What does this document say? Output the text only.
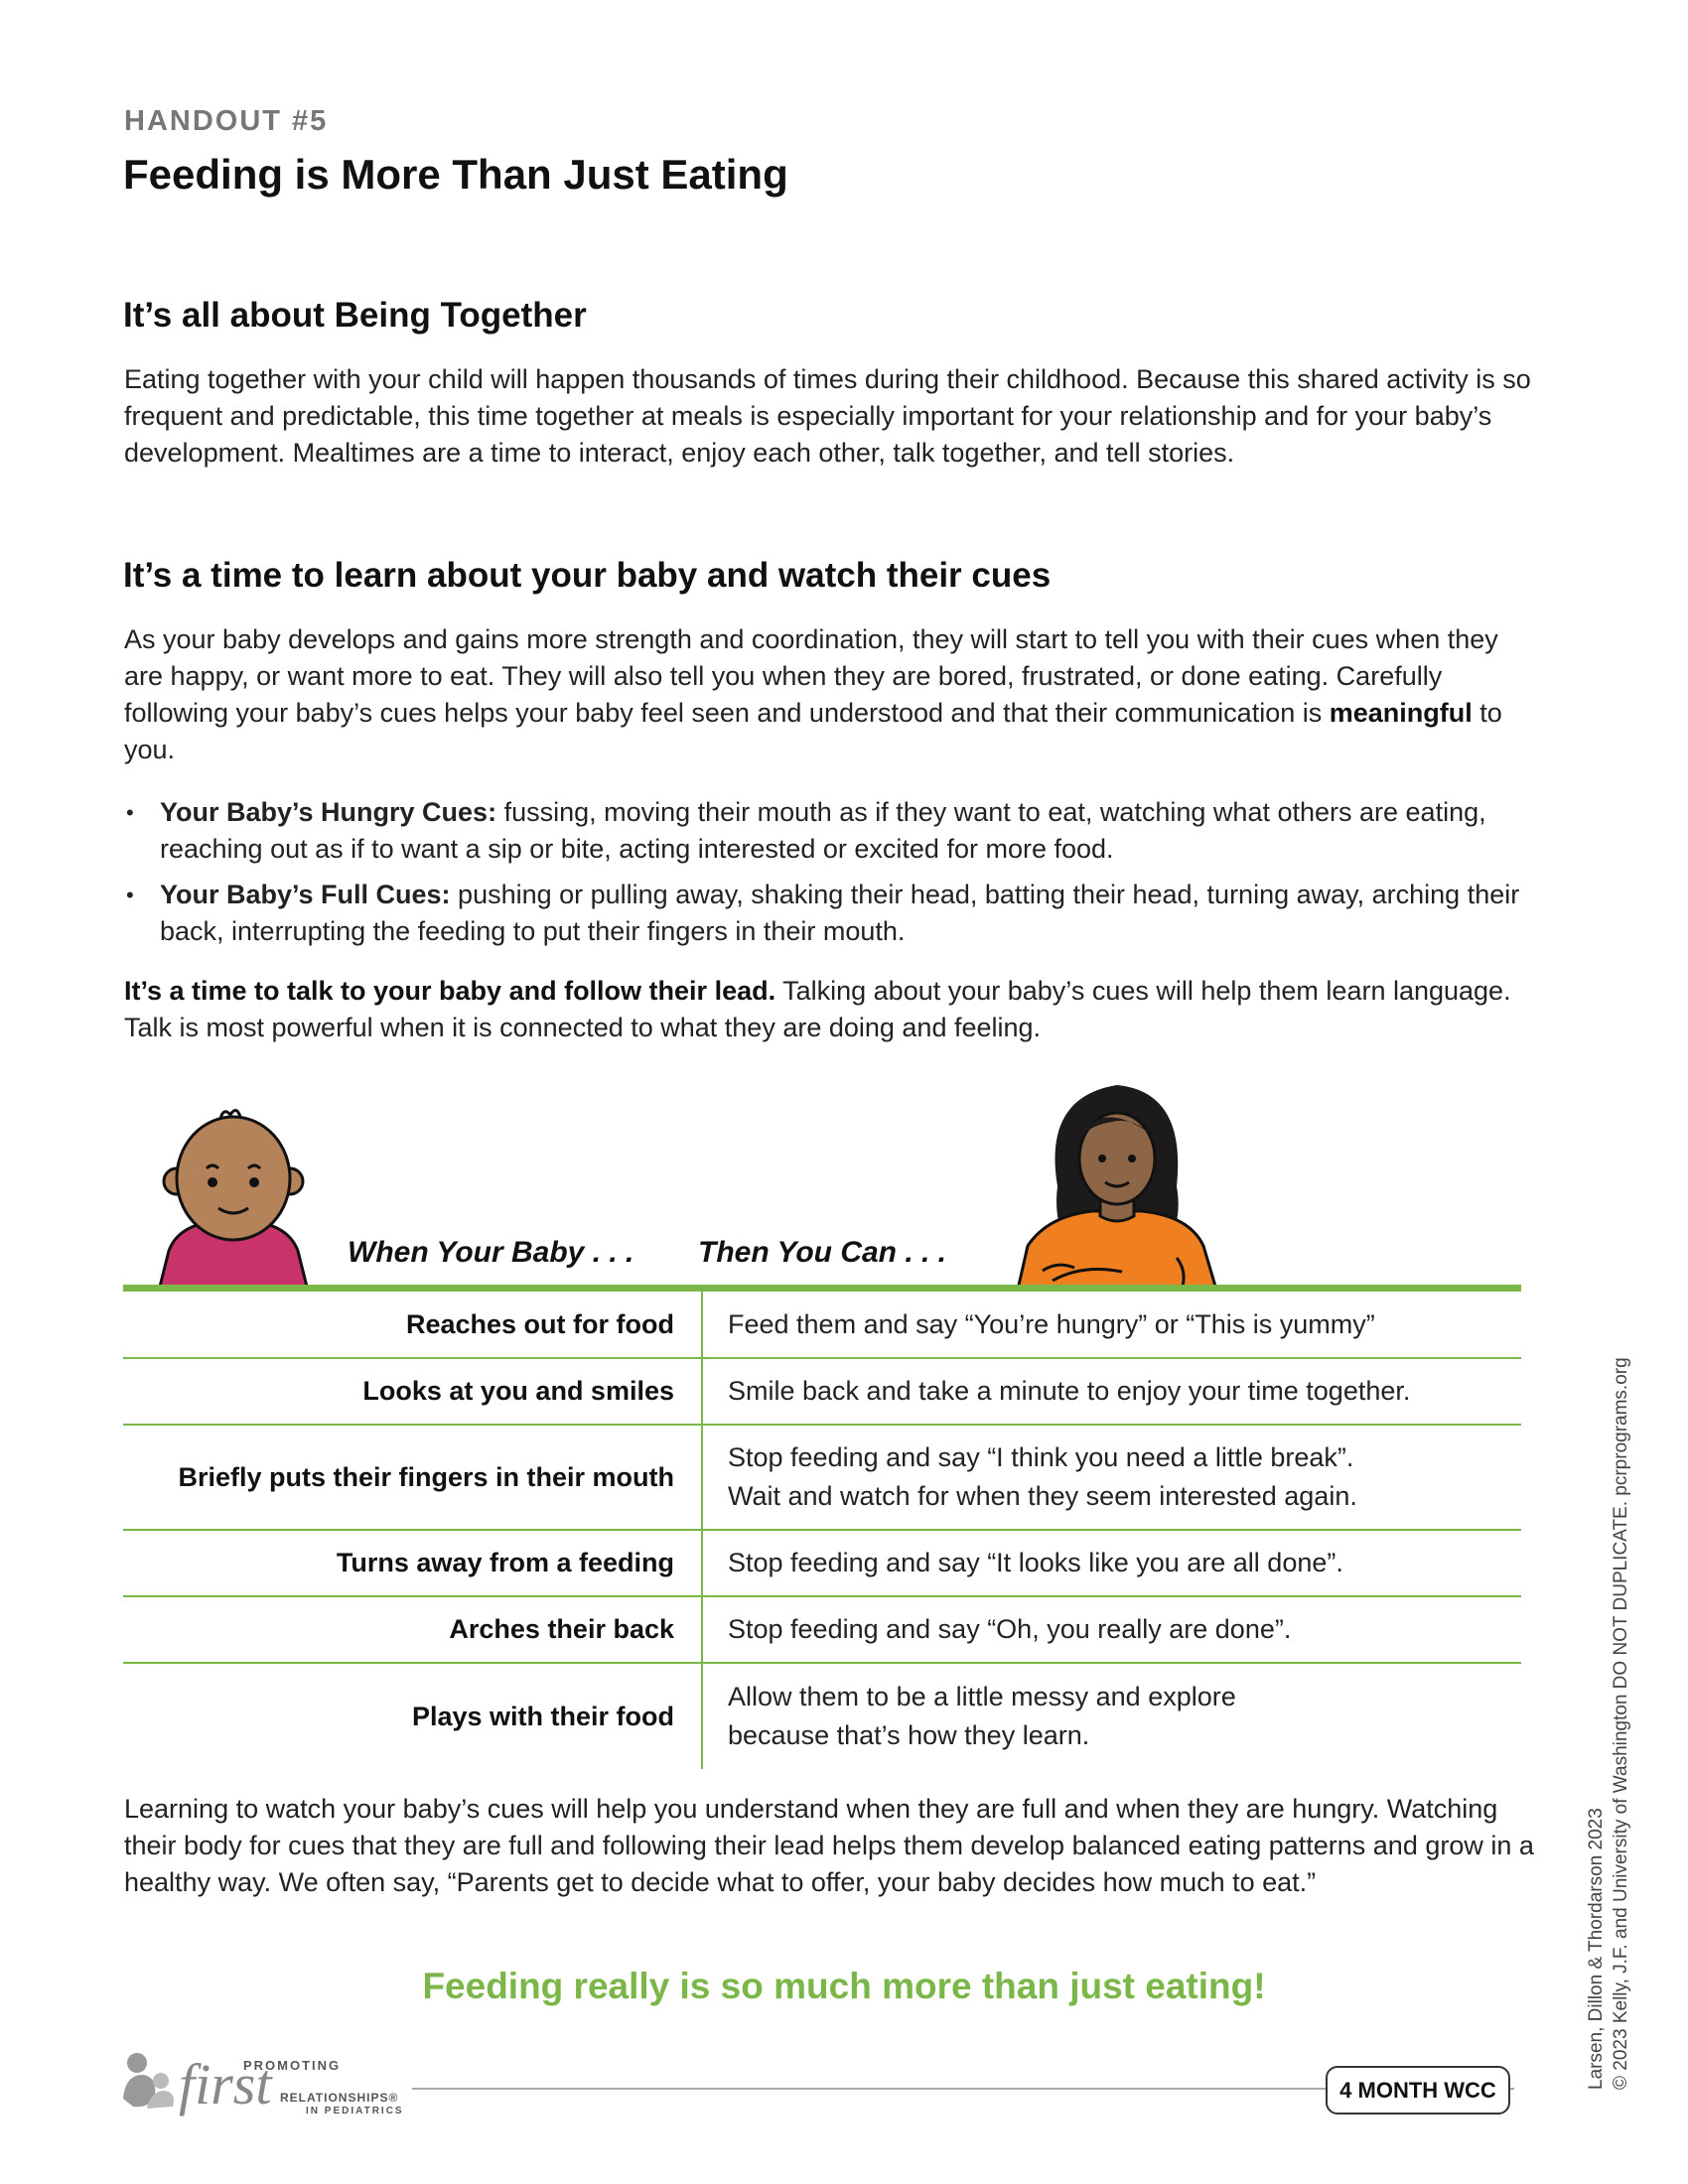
HANDOUT #5
Feeding is More Than Just Eating
It’s all about Being Together
Eating together with your child will happen thousands of times during their childhood. Because this shared activity is so frequent and predictable, this time together at meals is especially important for your relationship and for your baby’s development. Mealtimes are a time to interact, enjoy each other, talk together, and tell stories.
It’s a time to learn about your baby and watch their cues
As your baby develops and gains more strength and coordination, they will start to tell you with their cues when they are happy, or want more to eat. They will also tell you when they are bored, frustrated, or done eating. Carefully following your baby’s cues helps your baby feel seen and understood and that their communication is meaningful to you.
• Your Baby’s Hungry Cues: fussing, moving their mouth as if they want to eat, watching what others are eating, reaching out as if to want a sip or bite, acting interested or excited for more food.
• Your Baby’s Full Cues: pushing or pulling away, shaking their head, batting their head, turning away, arching their back, interrupting the feeding to put their fingers in their mouth.
It’s a time to talk to your baby and follow their lead. Talking about your baby’s cues will help them learn language. Talk is most powerful when it is connected to what they are doing and feeling.
When Your Baby . . . Then You Can . . .
Reaches out for food	Feed them and say “You’re hungry” or “This is yummy”

Looks at you and smiles	Smile back and take a minute to enjoy your time together.

Briefly puts their fingers in their mouth	Stop feeding and say “I think you need a little break”.
Wait and watch for when they seem interested again.

Turns away from a feeding	Stop feeding and say “It looks like you are all done”.

Arches their back	Stop feeding and say “Oh, you really are done”.

Plays with their food	Allow them to be a little messy and explore
because that’s how they learn.
Learning to watch your baby’s cues will help you understand when they are full and when they are hungry. Watching their body for cues that they are full and following their lead helps them develop balanced eating patterns and grow in a healthy way. We often say, “Parents get to decide what to offer, your baby decides how much to eat.”
Feeding really is so much more than just eating!
PROMOTING
first RELATIONSHIPS®
IN PEDIATRICS
4 MONTH WCC
Larsen, Dillon & Thordarson 2023 © 2023 Kelly, J.F. and University of Washington DO NOT DUPLICATE. pcrprograms.org
